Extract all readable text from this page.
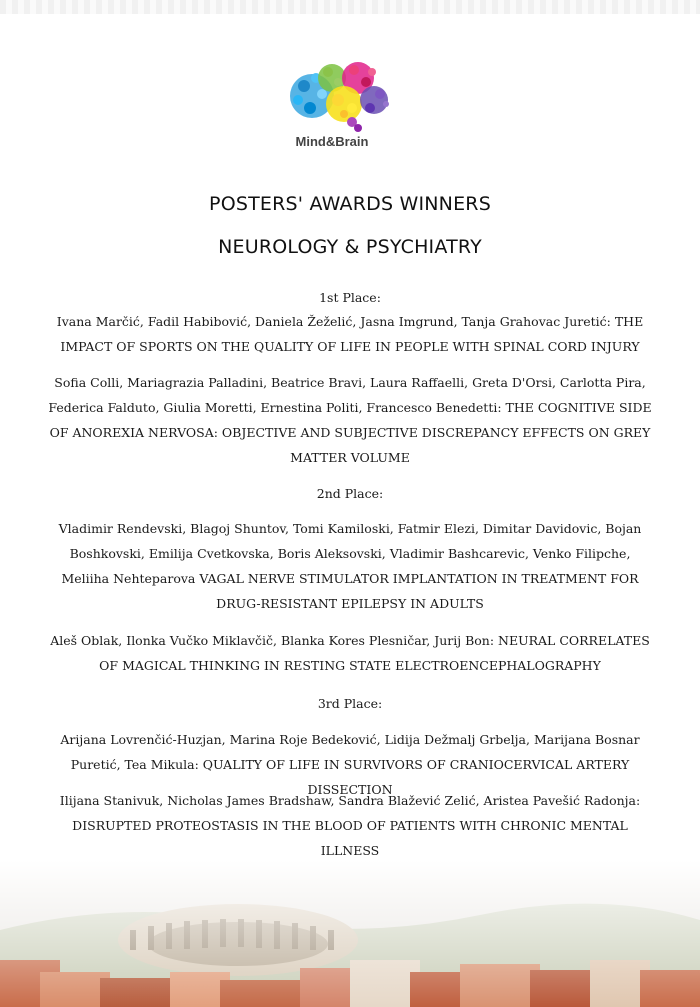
Mind&Brain
POSTERS' AWARDS WINNERS
NEUROLOGY & PSYCHIATRY
1st Place:

Ivana Marčić, Fadil Habibović, Daniela Žeželić, Jasna Imgrund, Tanja Grahovac Juretić: THE IMPACT OF SPORTS ON THE QUALITY OF LIFE IN PEOPLE WITH SPINAL CORD INJURY

Sofia Colli, Mariagrazia Palladini, Beatrice Bravi, Laura Raffaelli, Greta D'Orsi, Carlotta Pira, Federica Falduto, Giulia Moretti, Ernestina Politi, Francesco Benedetti: THE COGNITIVE SIDE OF ANOREXIA NERVOSA: OBJECTIVE AND SUBJECTIVE DISCREPANCY EFFECTS ON GREY MATTER VOLUME

2nd Place:

Vladimir Rendevski, Blagoj Shuntov, Tomi Kamiloski, Fatmir Elezi, Dimitar Davidovic, Bojan Boshkovski, Emilija Cvetkovska, Boris Aleksovski, Vladimir Bashcarevic, Venko Filipche, Meliiha Nehteparova VAGAL NERVE STIMULATOR IMPLANTATION IN TREATMENT FOR DRUG-RESISTANT EPILEPSY IN ADULTS

Aleš Oblak, Ilonka Vučko Miklavčič, Blanka Kores Plesničar, Jurij Bon: NEURAL CORRELATES OF MAGICAL THINKING IN RESTING STATE ELECTROENCEPHALOGRAPHY

3rd Place:

Arijana Lovrenčić-Huzjan, Marina Roje Bedeković, Lidija Dežmalj Grbelja, Marijana Bosnar Puretić, Tea Mikula: QUALITY OF LIFE IN SURVIVORS OF CRANIOCERVICAL ARTERY DISSECTION

Ilijana Stanivuk, Nicholas James Bradshaw, Sandra Blažević Zelić, Aristea Pavešić Radonja: DISRUPTED PROTEOSTASIS IN THE BLOOD OF PATIENTS WITH CHRONIC MENTAL ILLNESS
